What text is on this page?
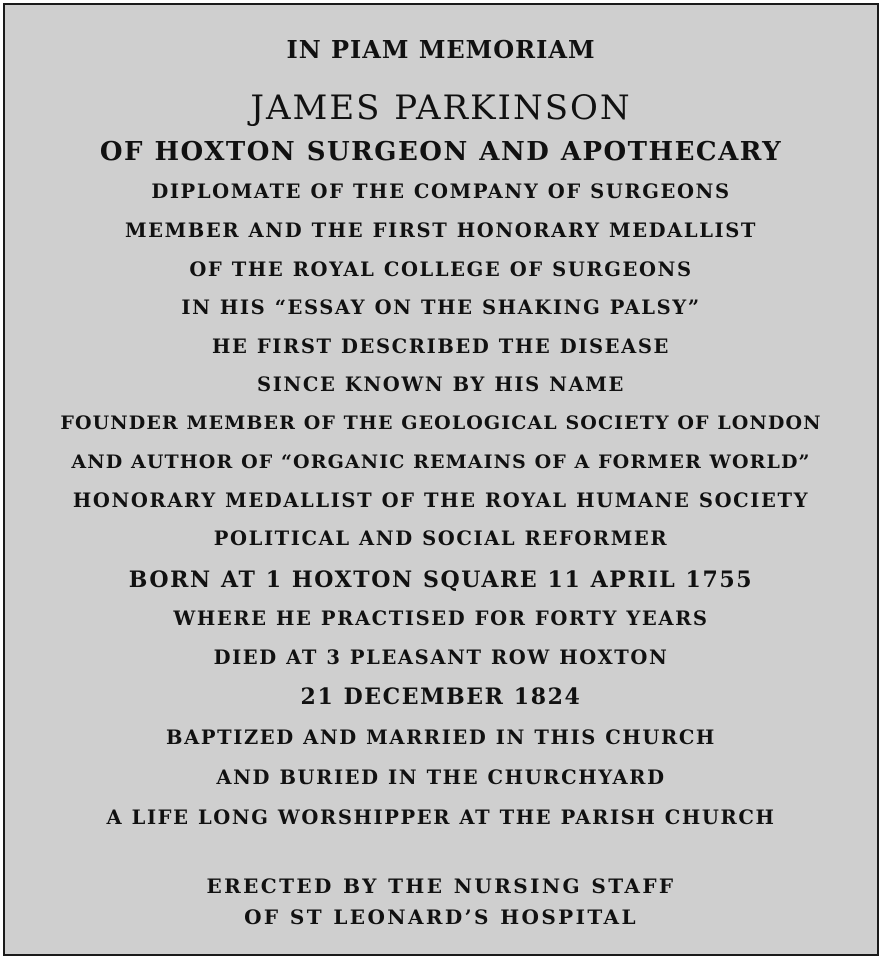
IN PIAM MEMORIAM
JAMES PARKINSON
OF HOXTON SURGEON AND APOTHECARY
DIPLOMATE OF THE COMPANY OF SURGEONS
MEMBER AND THE FIRST HONORARY MEDALLIST
OF THE ROYAL COLLEGE OF SURGEONS
IN HIS “ESSAY ON THE SHAKING PALSY”
HE FIRST DESCRIBED THE DISEASE
SINCE KNOWN BY HIS NAME
FOUNDER MEMBER OF THE GEOLOGICAL SOCIETY OF LONDON
AND AUTHOR OF “ORGANIC REMAINS OF A FORMER WORLD”
HONORARY MEDALLIST OF THE ROYAL HUMANE SOCIETY
POLITICAL AND SOCIAL REFORMER
BORN AT 1 HOXTON SQUARE 11 APRIL 1755
WHERE HE PRACTISED FOR FORTY YEARS
DIED AT 3 PLEASANT ROW HOXTON
21 DECEMBER 1824
BAPTIZED AND MARRIED IN THIS CHURCH
AND BURIED IN THE CHURCHYARD
A LIFE LONG WORSHIPPER AT THE PARISH CHURCH
ERECTED BY THE NURSING STAFF
OF ST LEONARD’S HOSPITAL
